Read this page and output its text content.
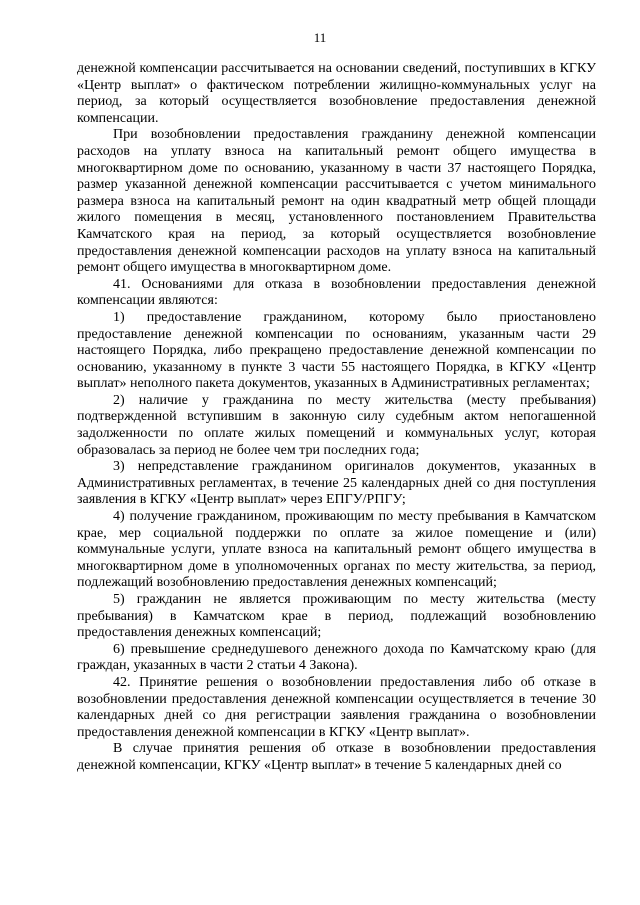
11

денежной компенсации рассчитывается на основании сведений, поступивших в КГКУ «Центр выплат» о фактическом потреблении жилищно-коммунальных услуг на период, за который осуществляется возобновление предоставления денежной компенсации.

При возобновлении предоставления гражданину денежной компенсации расходов на уплату взноса на капитальный ремонт общего имущества в многоквартирном доме по основанию, указанному в части 37 настоящего Порядка, размер указанной денежной компенсации рассчитывается с учетом минимального размера взноса на капитальный ремонт на один квадратный метр общей площади жилого помещения в месяц, установленного постановлением Правительства Камчатского края на период, за который осуществляется возобновление предоставления денежной компенсации расходов на уплату взноса на капитальный ремонт общего имущества в многоквартирном доме.

41. Основаниями для отказа в возобновлении предоставления денежной компенсации являются:

1) предоставление гражданином, которому было приостановлено предоставление денежной компенсации по основаниям, указанным части 29 настоящего Порядка, либо прекращено предоставление денежной компенсации по основанию, указанному в пункте 3 части 55 настоящего Порядка, в КГКУ «Центр выплат» неполного пакета документов, указанных в Административных регламентах;

2) наличие у гражданина по месту жительства (месту пребывания) подтвержденной вступившим в законную силу судебным актом непогашенной задолженности по оплате жилых помещений и коммунальных услуг, которая образовалась за период не более чем три последних года;

3) непредставление гражданином оригиналов документов, указанных в Административных регламентах, в течение 25 календарных дней со дня поступления заявления в КГКУ «Центр выплат» через ЕПГУ/РПГУ;

4) получение гражданином, проживающим по месту пребывания в Камчатском крае, мер социальной поддержки по оплате за жилое помещение и (или) коммунальные услуги, уплате взноса на капитальный ремонт общего имущества в многоквартирном доме в уполномоченных органах по месту жительства, за период, подлежащий возобновлению предоставления денежных компенсаций;

5) гражданин не является проживающим по месту жительства (месту пребывания) в Камчатском крае в период, подлежащий возобновлению предоставления денежных компенсаций;

6) превышение среднедушевого денежного дохода по Камчатскому краю (для граждан, указанных в части 2 статьи 4 Закона).

42. Принятие решения о возобновлении предоставления либо об отказе в возобновлении предоставления денежной компенсации осуществляется в течение 30 календарных дней со дня регистрации заявления гражданина о возобновлении предоставления денежной компенсации в КГКУ «Центр выплат».

В случае принятия решения об отказе в возобновлении предоставления денежной компенсации, КГКУ «Центр выплат» в течение 5 календарных дней со
